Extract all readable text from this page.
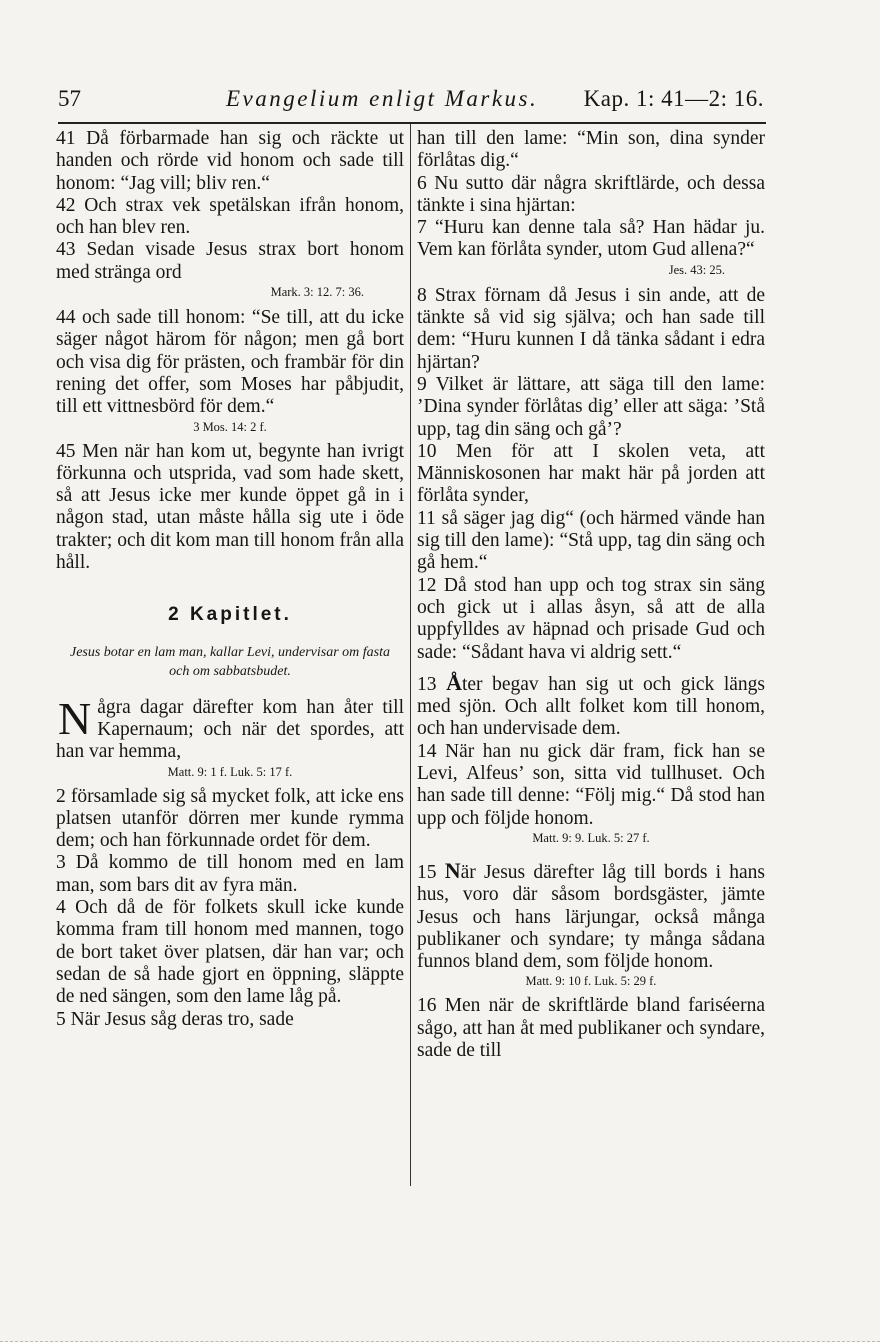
57	Evangelium enligt Markus. Kap. 1: 41—2: 16.

41 Då förbarmade han sig och räckte ut handen och rörde vid honom och sade till honom: “Jag vill; bliv ren.“

42 Och strax vek spetälskan ifrån honom, och han blev ren.

43 Sedan visade Jesus strax bort honom med stränga ord

Mark. 3: 12. 7: 36.

44 och sade till honom: “Se till, att du icke säger något härom för någon; men gå bort och visa dig för prästen, och frambär för din rening det offer, som Moses har påbjudit, till ett vittnesbörd för dem.“

3 Mos. 14: 2 f.

45 Men när han kom ut, begynte han ivrigt förkunna och utsprida, vad som hade skett, så att Jesus icke mer kunde öppet gå in i någon stad, utan måste hålla sig ute i öde trakter; och dit kom man till honom från alla håll.

2 Kapitlet.

Jesus botar en lam man, kallar Levi, undervisar om fasta och om sabbatsbudet.

Några dagar därefter kom han åter till Kapernaum; och när det spordes, att han var hemma,

Matt. 9: 1 f. Luk. 5: 17 f.

2 församlade sig så mycket folk, att icke ens platsen utanför dörren mer kunde rymma dem; och han förkunnade ordet för dem.

3 Då kommo de till honom med en lam man, som bars dit av fyra män.

4 Och då de för folkets skull icke kunde komma fram till honom med mannen, togo de bort taket över platsen, där han var; och sedan de så hade gjort en öppning, släppte de ned sängen, som den lame låg på.

5 När Jesus såg deras tro, sade

han till den lame: “Min son, dina synder förlåtas dig.“

6 Nu sutto där några skriftlärde, och dessa tänkte i sina hjärtan:

7 “Huru kan denne tala så? Han hädar ju. Vem kan förlåta synder, utom Gud allena?“

Jes. 43: 25.

8 Strax förnam då Jesus i sin ande, att de tänkte så vid sig själva; och han sade till dem: “Huru kunnen I då tänka sådant i edra hjärtan?

9 Vilket är lättare, att säga till den lame: ’Dina synder förlåtas dig’ eller att säga: ’Stå upp, tag din säng och gå’?

10 Men för att I skolen veta, att Människosonen har makt här på jorden att förlåta synder,

11 så säger jag dig“ (och härmed vände han sig till den lame): “Stå upp, tag din säng och gå hem.“

12 Då stod han upp och tog strax sin säng och gick ut i allas åsyn, så att de alla uppfylldes av häpnad och prisade Gud och sade: “Sådant hava vi aldrig sett.“

13 Åter begav han sig ut och gick längs med sjön. Och allt folket kom till honom, och han undervisade dem.

14 När han nu gick där fram, fick han se Levi, Alfeus’ son, sitta vid tullhuset. Och han sade till denne: “Följ mig.“ Då stod han upp och följde honom.

Matt. 9: 9. Luk. 5: 27 f.

15 När Jesus därefter låg till bords i hans hus, voro där såsom bordsgäster, jämte Jesus och hans lärjungar, också många publikaner och syndare; ty många sådana funnos bland dem, som följde honom.

Matt. 9: 10 f. Luk. 5: 29 f.

16 Men när de skriftlärde bland fariséerna sågo, att han åt med publikaner och syndare, sade de till
